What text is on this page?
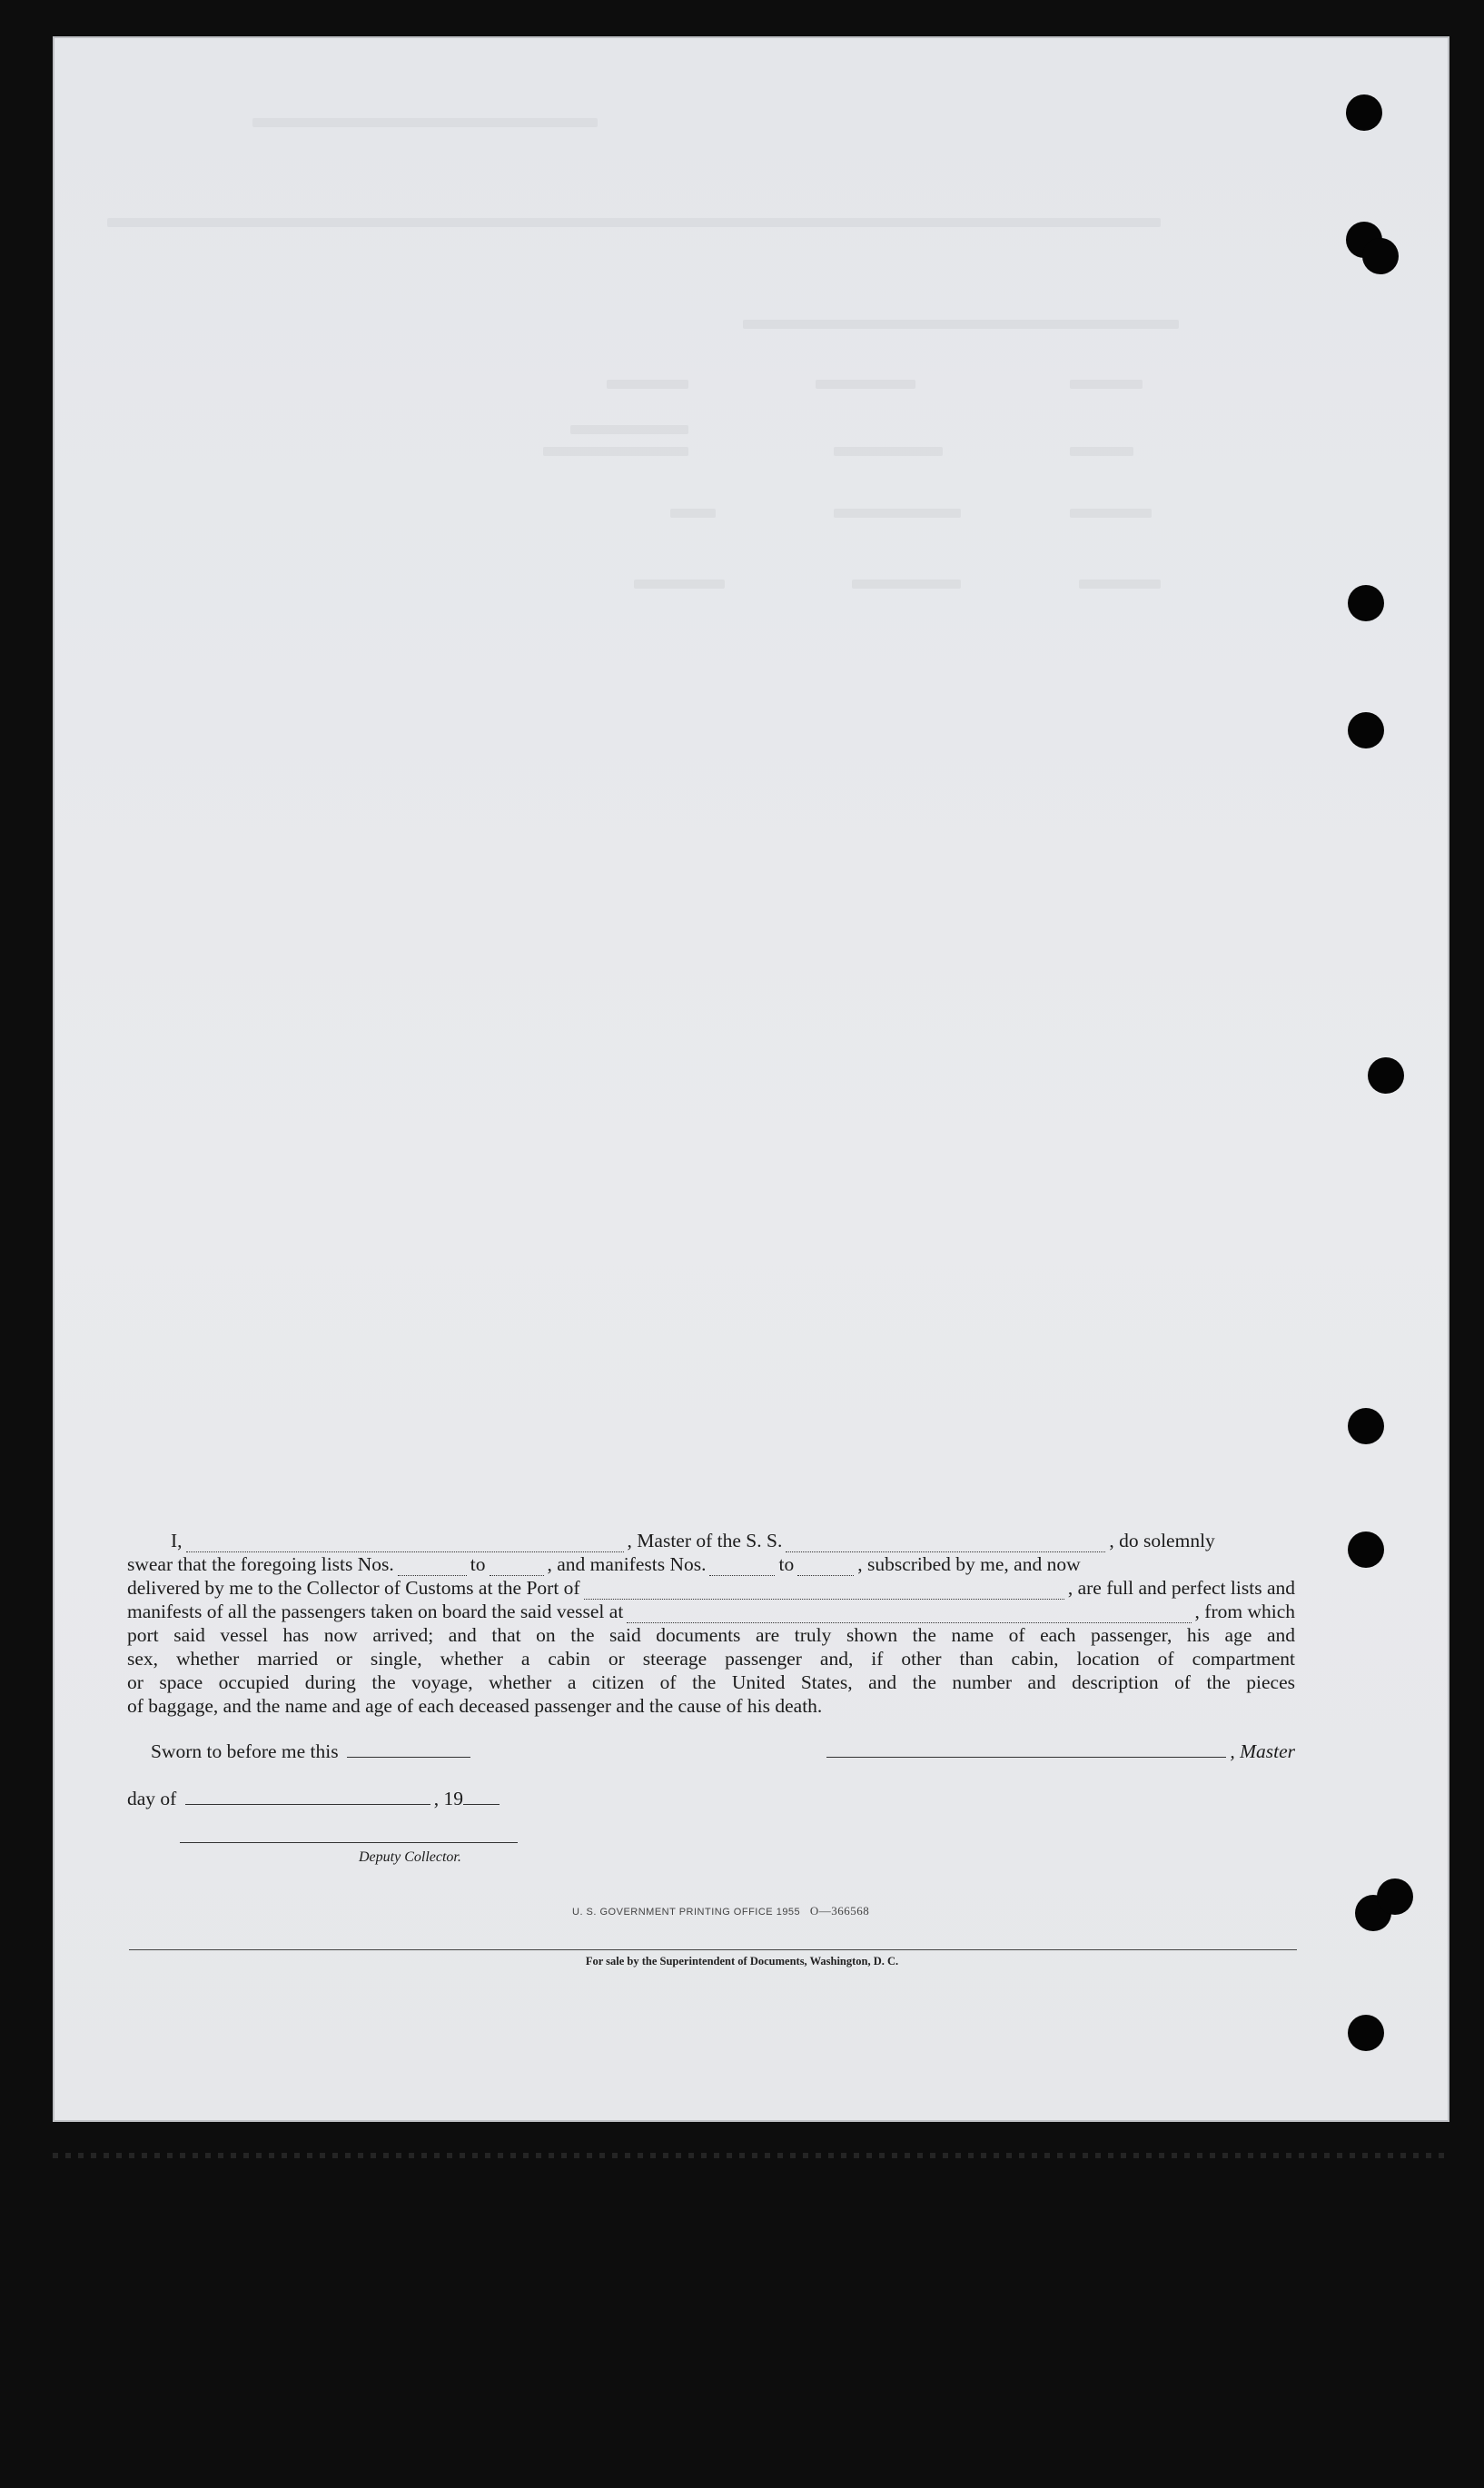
I,	, Master of the S. S.	, do solemnly
swear that the foregoing lists Nos.	to	, and manifests Nos.	to	, subscribed by me, and now
delivered by me to the Collector of Customs at the Port of	, are full and perfect lists and
manifests of all the passengers taken on board the said vessel at	, from which
port said vessel has now arrived; and that on the said documents are truly shown the name of each passenger, his age and
sex, whether married or single, whether a cabin or steerage passenger and, if other than cabin, location of compartment
or space occupied during the voyage, whether a citizen of the United States, and the number and description of the pieces
of baggage, and the name and age of each deceased passenger and the cause of his death.
Sworn to before me this	, Master
day of	, 19
Deputy Collector.
U. S. GOVERNMENT PRINTING OFFICE 1955 O—366568
For sale by the Superintendent of Documents, Washington, D. C.
